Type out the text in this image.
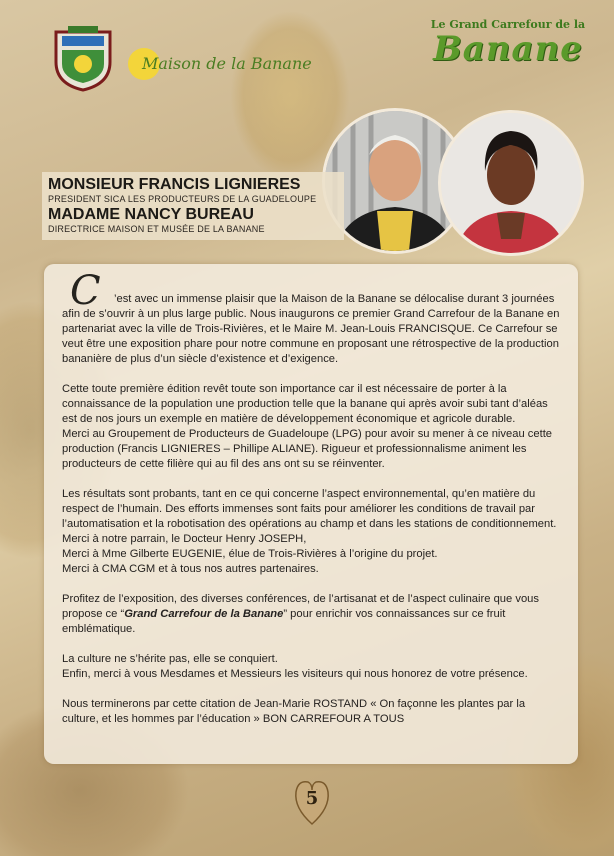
Maison de la Banane
Le Grand Carrefour de la
Banane
MONSIEUR FRANCIS LIGNIERES
PRESIDENT SICA LES PRODUCTEURS DE LA GUADELOUPE
MADAME NANCY BUREAU
DIRECTRICE MAISON ET MUSÉE DE LA BANANE
C	’est avec un immense plaisir que la Maison de la Banane se délocalise durant 3 journées afin de s’ouvrir à un plus large public. Nous inaugurons ce premier Grand Carrefour de la Banane en partenariat avec la ville de Trois-Rivières, et le Maire M. Jean-Louis FRANCISQUE. Ce Carrefour se veut être une exposition phare pour notre commune en proposant une rétrospective de la production bananière de plus d’un siècle d’existence et d’exigence.

Cette toute première édition revêt toute son importance car il est nécessaire de porter à la connaissance de la population une production telle que la banane qui après avoir subi tant d’aléas est de nos jours un exemple en matière de développement économique et agricole durable.
Merci au Groupement de Producteurs de Guadeloupe (LPG) pour avoir su mener à ce niveau cette production (Francis LIGNIERES – Phillipe ALIANE). Rigueur et professionnalisme animent les producteurs de cette filière qui au fil des ans ont su se réinventer.

Les résultats sont probants, tant en ce qui concerne l’aspect environnemental, qu’en matière du respect de l’humain. Des efforts immenses sont faits pour améliorer les conditions de travail par l’automatisation et la robotisation des opérations au champ et dans les stations de conditionnement.
Merci à notre parrain, le Docteur Henry JOSEPH,
Merci à Mme Gilberte EUGENIE, élue de Trois-Rivières à l’origine du projet.
Merci à CMA CGM et à tous nos autres partenaires.

Profitez de l’exposition, des diverses conférences, de l’artisanat et de l’aspect culinaire que vous propose ce “Grand Carrefour de la Banane” pour enrichir vos connaissances sur ce fruit emblématique.

La culture ne s’hérite pas, elle se conquiert.
Enfin, merci à vous Mesdames et Messieurs les visiteurs qui nous honorez de votre présence.

Nous terminerons par cette citation de Jean-Marie ROSTAND « On façonne les plantes par la culture, et les hommes par l’éducation » BON CARREFOUR A TOUS

5
